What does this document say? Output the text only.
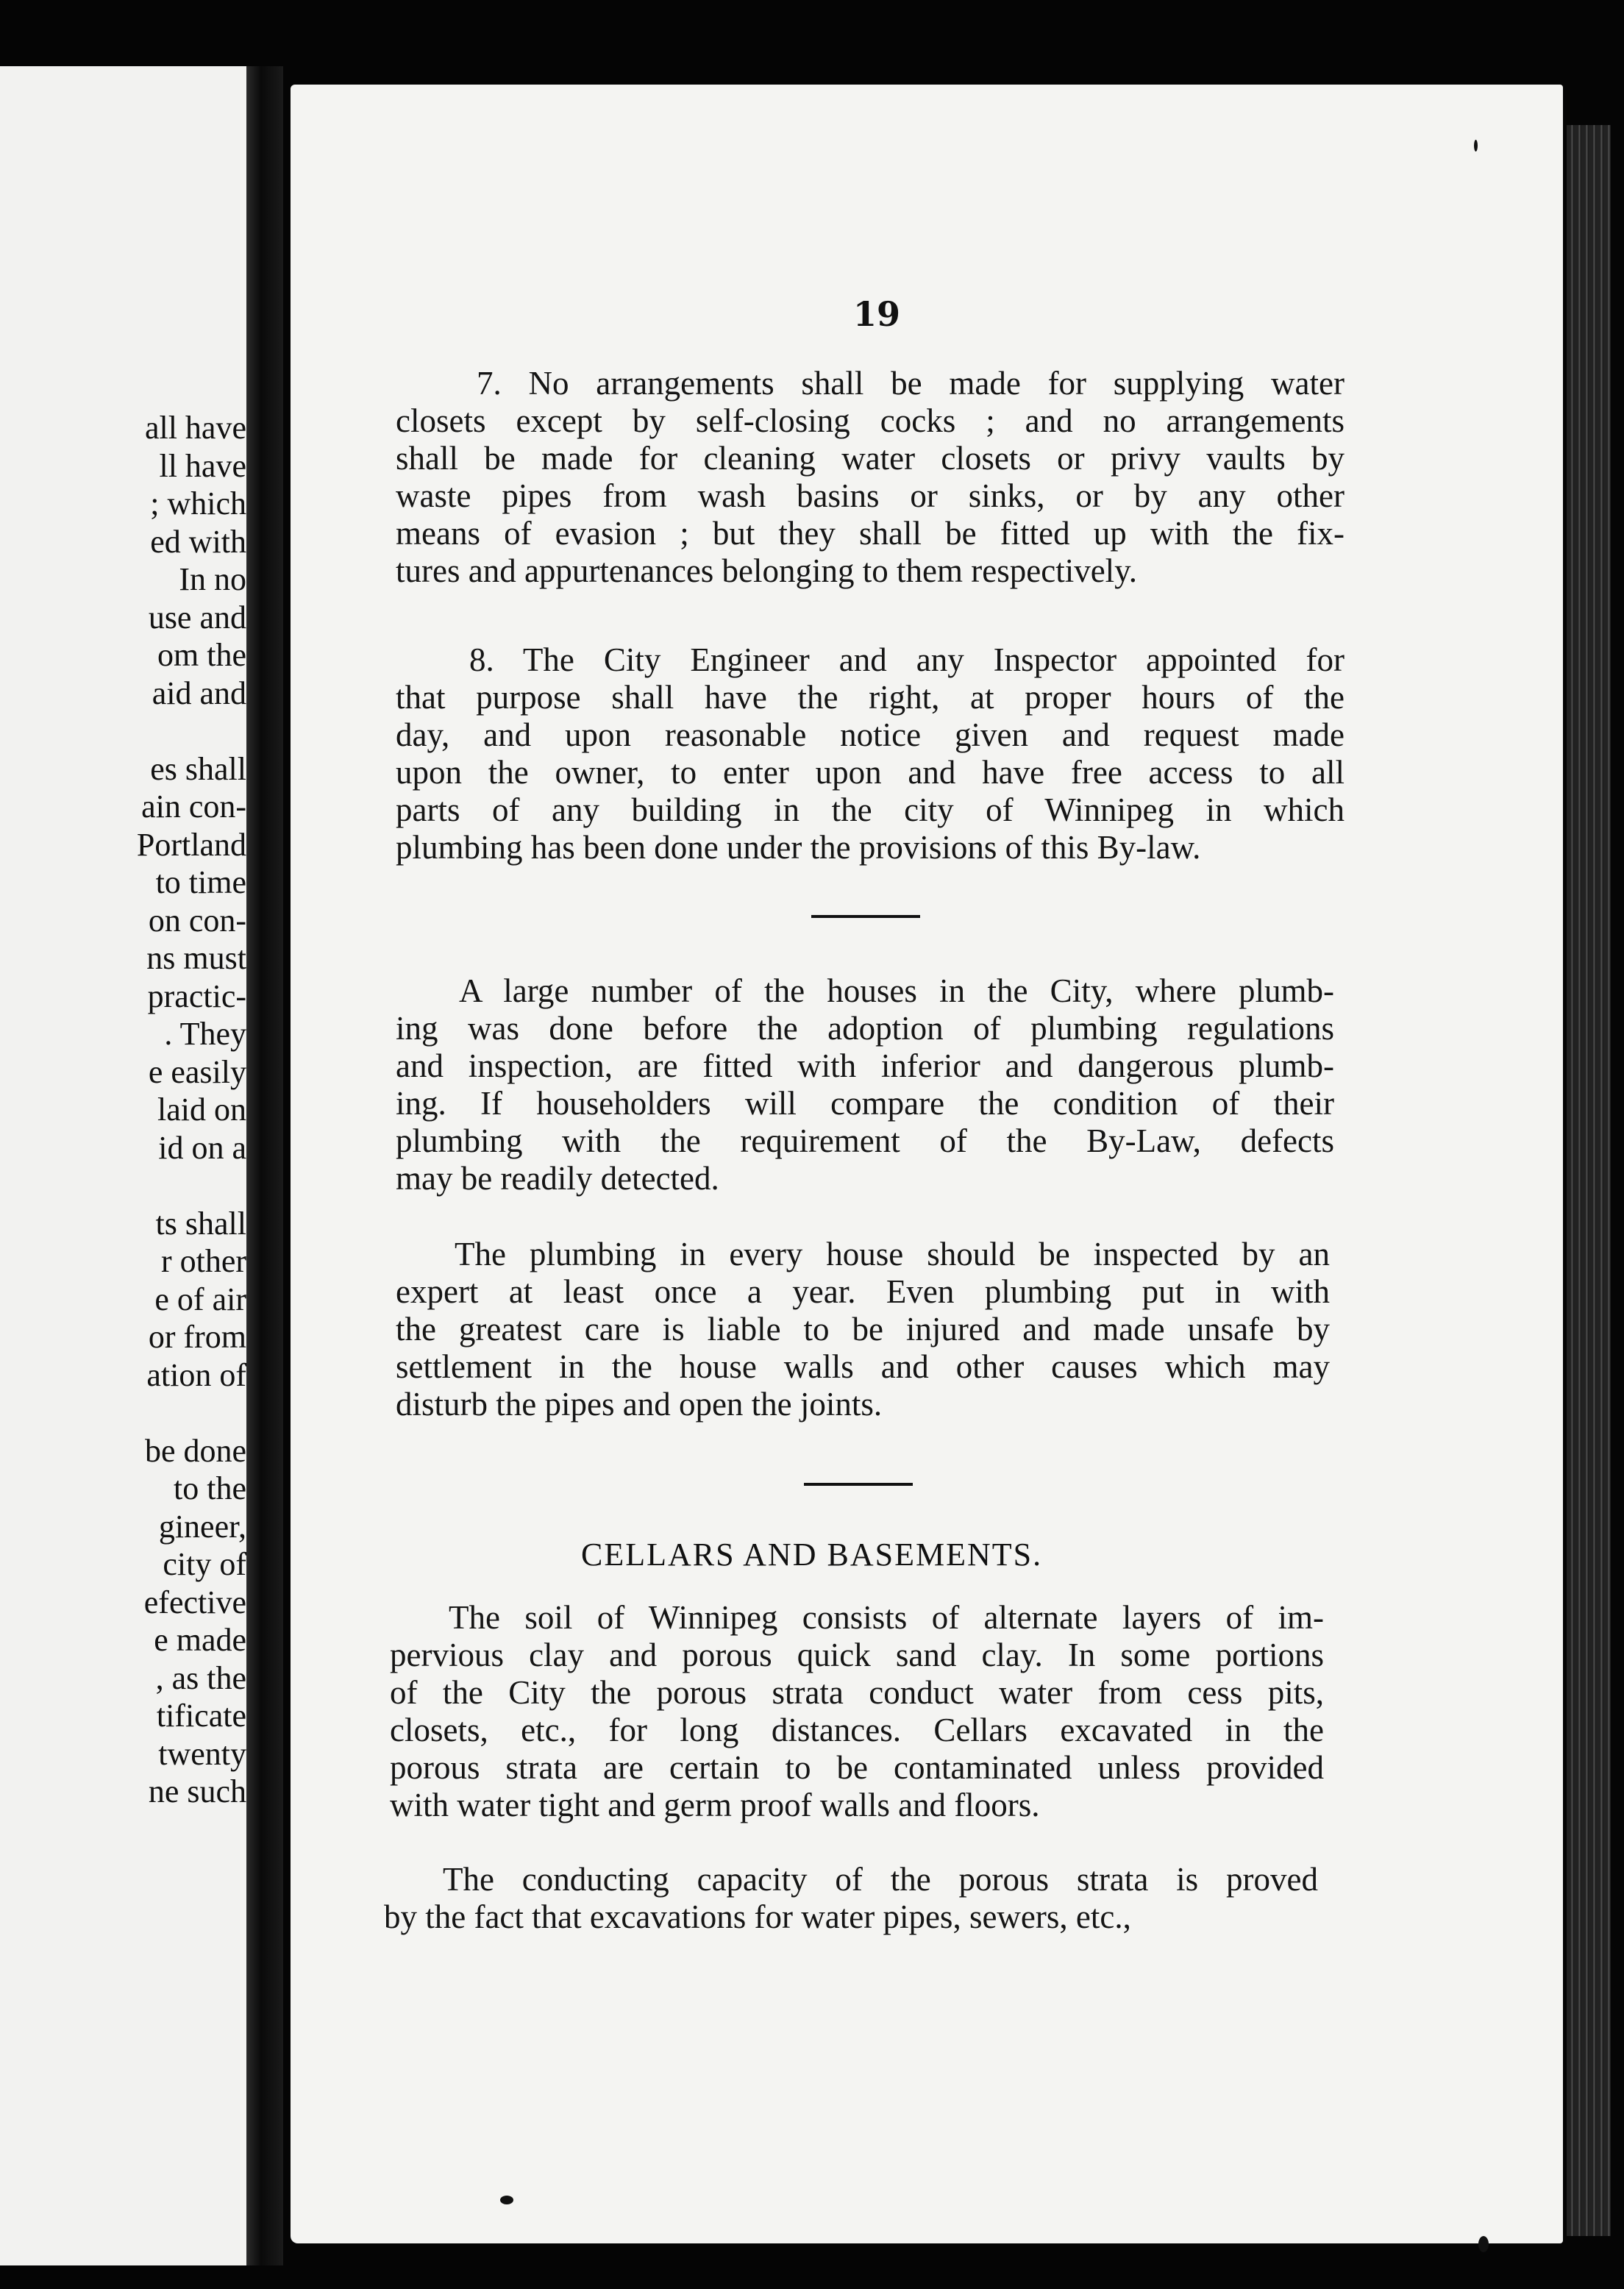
all have
ll have
; which
ed with
In no
use and
om the
aid and
es shall
ain con-
Portland
to time
on con-
ns must
practic-
. They
e easily
laid on
id on a
ts shall
r other
e of air
or from
ation of
be done
to the
gineer,
city of
efective
e made
, as the
tificate
twenty
ne such
19
7. No arrangements shall be made for supplying water
closets except by self-closing cocks ; and no arrangements
shall be made for cleaning water closets or privy vaults by
waste pipes from wash basins or sinks, or by any other
means of evasion ; but they shall be fitted up with the fix-
tures and appurtenances belonging to them respectively.
8. The City Engineer and any Inspector appointed for
that purpose shall have the right, at proper hours of the
day, and upon reasonable notice given and request made
upon the owner, to enter upon and have free access to all
parts of any building in the city of Winnipeg in which
plumbing has been done under the provisions of this By-law.
A large number of the houses in the City, where plumb-
ing was done before the adoption of plumbing regulations
and inspection, are fitted with inferior and dangerous plumb-
ing. If householders will compare the condition of their
plumbing with the requirement of the By-Law, defects
may be readily detected.
The plumbing in every house should be inspected by an
expert at least once a year. Even plumbing put in with
the greatest care is liable to be injured and made unsafe by
settlement in the house walls and other causes which may
disturb the pipes and open the joints.
CELLARS AND BASEMENTS.
The soil of Winnipeg consists of alternate layers of im-
pervious clay and porous quick sand clay. In some portions
of the City the porous strata conduct water from cess pits,
closets, etc., for long distances. Cellars excavated in the
porous strata are certain to be contaminated unless provided
with water tight and germ proof walls and floors.
The conducting capacity of the porous strata is proved
by the fact that excavations for water pipes, sewers, etc.,
